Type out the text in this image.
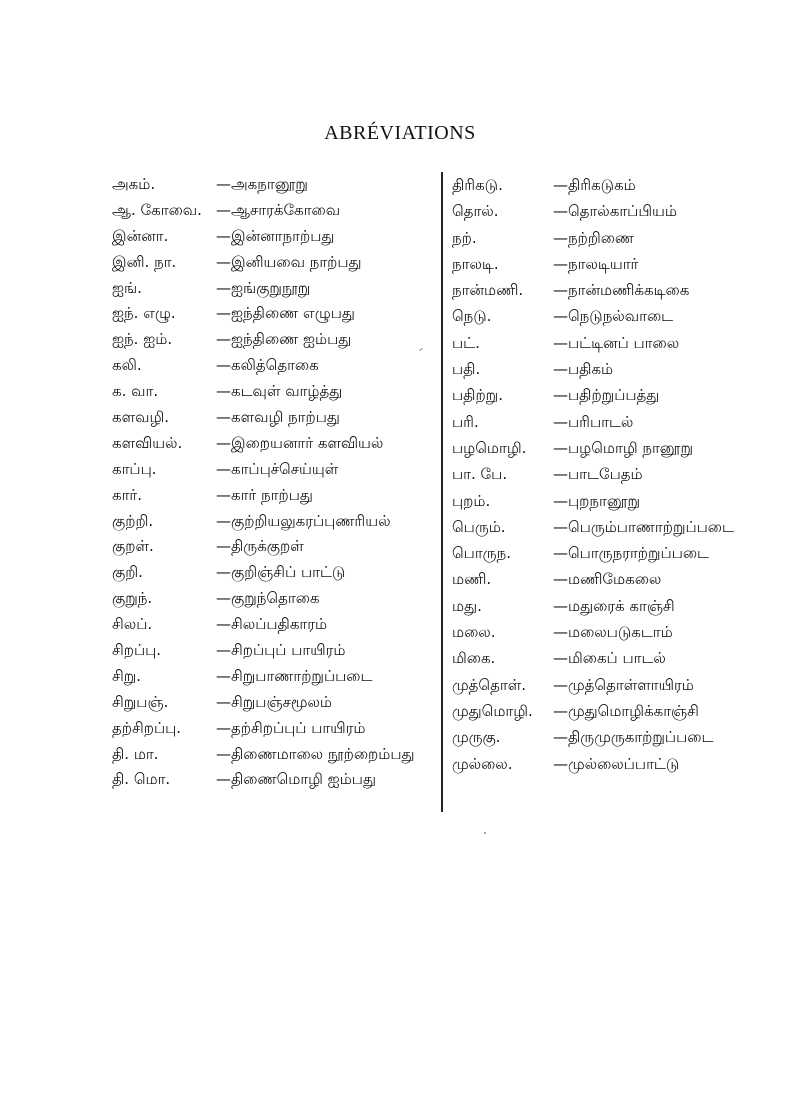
ABRÉVIATIONS
அகம்.	—அகநானூறு
ஆ. கோவை. —ஆசாரக்கோவை
இன்னா.	—இன்னாநாற்பது
இனி. நா.	—இனியவை நாற்பது
ஐங்.	—ஐங்குறுநூறு
ஐந். எழு.	—ஐந்திணை எழுபது
ஐந். ஐம்.	—ஐந்திணை ஐம்பது
கலி.	—கலித்தொகை
க. வா.	—கடவுள் வாழ்த்து
களவழி.	—களவழி நாற்பது
களவியல். —இறையனார் களவியல்
காப்பு.	—காப்புச்செய்யுள்
கார்.	—கார் நாற்பது
குற்றி.	—குற்றியலுகரப்புணரியல்
குறள்.	—திருக்குறள்
குறி.	—குறிஞ்சிப் பாட்டு
குறுந்.	—குறுந்தொகை
சிலப்.	—சிலப்பதிகாரம்
சிறப்பு.	—சிறப்புப் பாயிரம்
சிறு.	—சிறுபாணாற்றுப்படை
சிறுபஞ்.	—சிறுபஞ்சமூலம்
தற்சிறப்பு. —தற்சிறப்புப் பாயிரம்
தி. மா.	—திணைமாலை நூற்றைம்பது
தி. மொ.	—திணைமொழி ஐம்பது
திரிகடு.	—திரிகடுகம்
தொல்.	—தொல்காப்பியம்
நற்.	—நற்றிணை
நாலடி.	—நாலடியார்
நான்மணி. —நான்மணிக்கடிகை
நெடு.	—நெடுநல்வாடை
பட்.	—பட்டினப் பாலை
பதி.	—பதிகம்
பதிற்று.	—பதிற்றுப்பத்து
பரி.	—பரிபாடல்
பழமொழி. —பழமொழி நானூறு
பா. பே.	—பாடபேதம்
புறம்.	—புறநானூறு
பெரும்.	—பெரும்பாணாற்றுப்படை
பொருந.	—பொருநராற்றுப்படை
மணி.	—மணிமேகலை
மது.	—மதுரைக் காஞ்சி
மலை.	—மலைபடுகடாம்
மிகை.	—மிகைப் பாடல்
முத்தொள். —முத்தொள்ளாயிரம்
முதுமொழி. —முதுமொழிக்காஞ்சி
முருகு.	—திருமுருகாற்றுப்படை
முல்லை.	—முல்லைப்பாட்டு
